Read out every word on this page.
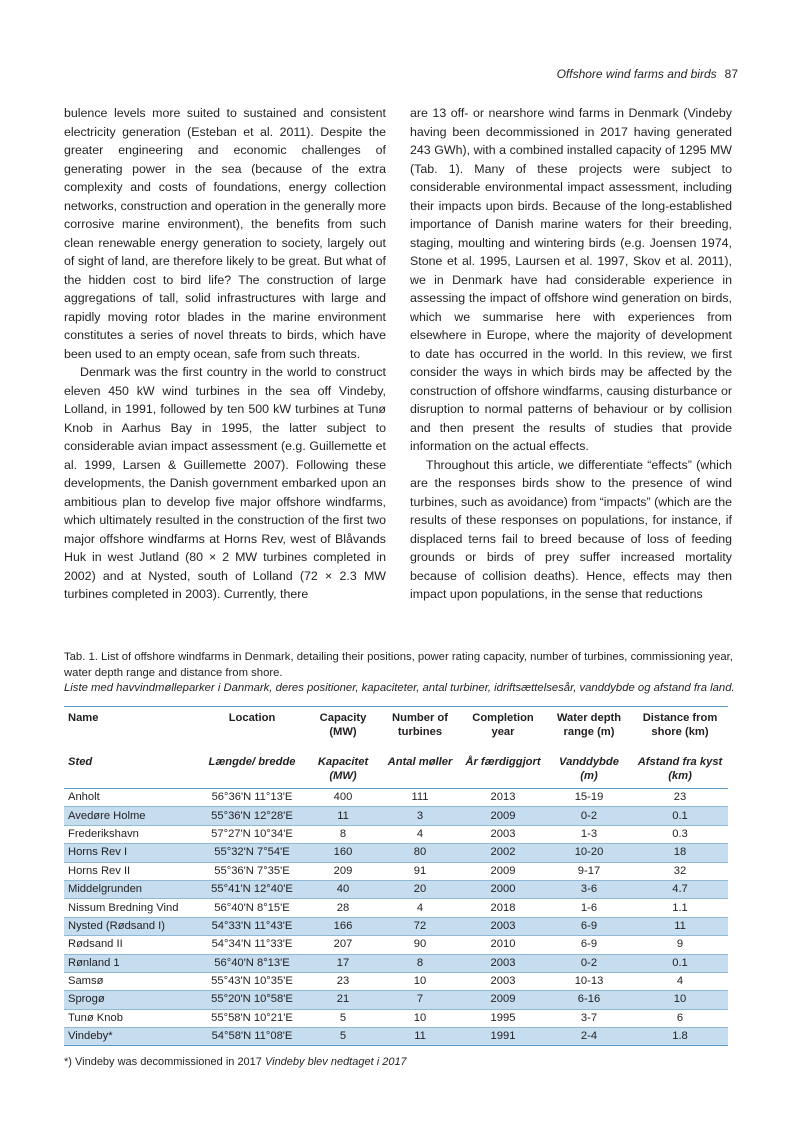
Offshore wind farms and birds 87

bulence levels more suited to sustained and consistent electricity generation (Esteban et al. 2011). Despite the greater engineering and economic challenges of generating power in the sea (because of the extra complexity and costs of foundations, energy collection networks, construction and operation in the generally more corrosive marine environment), the benefits from such clean renewable energy generation to society, largely out of sight of land, are therefore likely to be great. But what of the hidden cost to bird life? The construction of large aggregations of tall, solid infrastructures with large and rapidly moving rotor blades in the marine environment constitutes a series of novel threats to birds, which have been used to an empty ocean, safe from such threats.

Denmark was the first country in the world to construct eleven 450 kW wind turbines in the sea off Vindeby, Lolland, in 1991, followed by ten 500 kW turbines at Tunø Knob in Aarhus Bay in 1995, the latter subject to considerable avian impact assessment (e.g. Guillemette et al. 1999, Larsen & Guillemette 2007). Following these developments, the Danish government embarked upon an ambitious plan to develop five major offshore windfarms, which ultimately resulted in the construction of the first two major offshore windfarms at Horns Rev, west of Blåvands Huk in west Jutland (80 × 2 MW turbines completed in 2002) and at Nysted, south of Lolland (72 × 2.3 MW turbines completed in 2003). Currently, there

are 13 off- or nearshore wind farms in Denmark (Vindeby having been decommissioned in 2017 having generated 243 GWh), with a combined installed capacity of 1295 MW (Tab. 1). Many of these projects were subject to considerable environmental impact assessment, including their impacts upon birds. Because of the long-established importance of Danish marine waters for their breeding, staging, moulting and wintering birds (e.g. Joensen 1974, Stone et al. 1995, Laursen et al. 1997, Skov et al. 2011), we in Denmark have had considerable experience in assessing the impact of offshore wind generation on birds, which we summarise here with experiences from elsewhere in Europe, where the majority of development to date has occurred in the world. In this review, we first consider the ways in which birds may be affected by the construction of offshore windfarms, causing disturbance or disruption to normal patterns of behaviour or by collision and then present the results of studies that provide information on the actual effects.

Throughout this article, we differentiate “effects” (which are the responses birds show to the presence of wind turbines, such as avoidance) from “impacts” (which are the results of these responses on populations, for instance, if displaced terns fail to breed because of loss of feeding grounds or birds of prey suffer increased mortality because of collision deaths). Hence, effects may then impact upon populations, in the sense that reductions

Tab. 1. List of offshore windfarms in Denmark, detailing their positions, power rating capacity, number of turbines, commissioning year, water depth range and distance from shore.

Liste med havvindmølleparker i Danmark, deres positioner, kapaciteter, antal turbiner, idriftsættelsesår, vanddybde og afstand fra land.

Name	Location	Capacity (MW)	Number of turbines	Completion year	Water depth range (m)	Distance from shore (km)
Sted	Længde/ bredde	Kapacitet (MW)	Antal møller	År færdiggjort	Vanddybde (m)	Afstand fra kyst (km)
Anholt	56°36'N 11°13'E	400	111	2013	15-19	23
Avedøre Holme	55°36'N 12°28'E	11	3	2009	0-2	0.1
Frederikshavn	57°27'N 10°34'E	8	4	2003	1-3	0.3
Horns Rev I	55°32'N 7°54'E	160	80	2002	10-20	18
Horns Rev II	55°36'N 7°35'E	209	91	2009	9-17	32
Middelgrunden	55°41'N 12°40'E	40	20	2000	3-6	4.7
Nissum Bredning Vind	56°40'N 8°15'E	28	4	2018	1-6	1.1
Nysted (Rødsand I)	54°33'N 11°43'E	166	72	2003	6-9	11
Rødsand II	54°34'N 11°33'E	207	90	2010	6-9	9
Rønland 1	56°40'N 8°13'E	17	8	2003	0-2	0.1
Samsø	55°43'N 10°35'E	23	10	2003	10-13	4
Sprogø	55°20'N 10°58'E	21	7	2009	6-16	10
Tunø Knob	55°58'N 10°21'E	5	10	1995	3-7	6
Vindeby*	54°58'N 11°08'E	5	11	1991	2-4	1.8
*) Vindeby was decommissioned in 2017 Vindeby blev nedtaget i 2017
